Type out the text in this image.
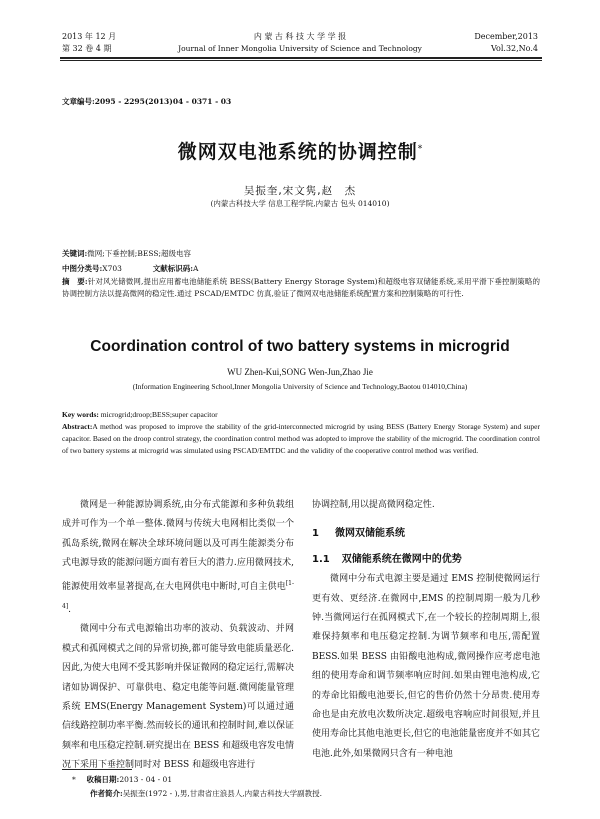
2013 年 12 月
第 32 卷 4 期
内 蒙 古 科 技 大 学 学 报
Journal of Inner Mongolia University of Science and Technology
December,2013
Vol.32,No.4
文章编号:2095 - 2295(2013)04 - 0371 - 03
微网双电池系统的协调控制*
吴振奎,宋文隽,赵　杰
(内蒙古科技大学 信息工程学院,内蒙古 包头 014010)
关键词:微网;下垂控制;BESS;超级电容
中图分类号:X703	文献标识码:A
摘　要:针对风光储微网,提出应用蓄电池储能系统 BESS(Battery Energy Storage System)和超级电容双储能系统,采用平滑下垂控制策略的协调控制方法以提高微网的稳定性.通过 PSCAD/EMTDC 仿真,验证了微网双电池储能系统配置方案和控制策略的可行性.
Coordination control of two battery systems in microgrid
WU Zhen-Kui,SONG Wen-Jun,Zhao Jie
(Information Engineering School,Inner Mongolia University of Science and Technology,Baotou 014010,China)
Key words: microgrid;droop;BESS;super capacitor
Abstract:A method was proposed to improve the stability of the grid-interconnected microgrid by using BESS (Battery Energy Storage System) and super capacitor. Based on the droop control strategy, the coordination control method was adopted to improve the stability of the microgrid. The coordination control of two battery systems at microgrid was simulated using PSCAD/EMTDC and the validity of the cooperative control method was verified.

微网是一种能源协调系统,由分布式能源和多种负载组成并可作为一个单一整体.微网与传统大电网相比类似一个孤岛系统,微网在解决全球环境问题以及可再生能源类分布式电源导致的能源问题方面有着巨大的潜力.应用微网技术,能源使用效率显著提高,在大电网供电中断时,可自主供电[1-4].

微网中分布式电源输出功率的波动、负载波动、并网模式和孤网模式之间的异常切换,都可能导致电能质量恶化.因此,为使大电网不受其影响并保证微网的稳定运行,需解决诸如协调保护、可靠供电、稳定电能等问题.微网能量管理系统 EMS(Energy Management System)可以通过通信线路控制功率平衡.然而较长的通讯和控制时间,难以保证频率和电压稳定控制.研究提出在 BESS 和超级电容发电情况下采用下垂控制同时对 BESS 和超级电容进行

协调控制,用以提高微网稳定性.
1 微网双储能系统
1.1 双储能系统在微网中的优势

微网中分布式电源主要是通过 EMS 控制使微网运行更有效、更经济.在微网中,EMS 的控制周期一般为几秒钟.当微网运行在孤网模式下,在一个较长的控制周期上,很难保持频率和电压稳定控制.为调节频率和电压,需配置 BESS.如果 BESS 由铅酸电池构成,微网操作应考虑电池组的使用寿命和调节频率响应时间.如果由锂电池构成,它的寿命比铅酸电池要长,但它的售价仍然十分昂贵.使用寿命也是由充放电次数所决定.超级电容响应时间很短,并且使用寿命比其他电池更长,但它的电池能量密度并不如其它电池.此外,如果微网只含有一种电池

* 收稿日期:2013 - 04 - 01
作者简介:吴振奎(1972 - ),男,甘肃省庄浪县人,内蒙古科技大学副教授.
